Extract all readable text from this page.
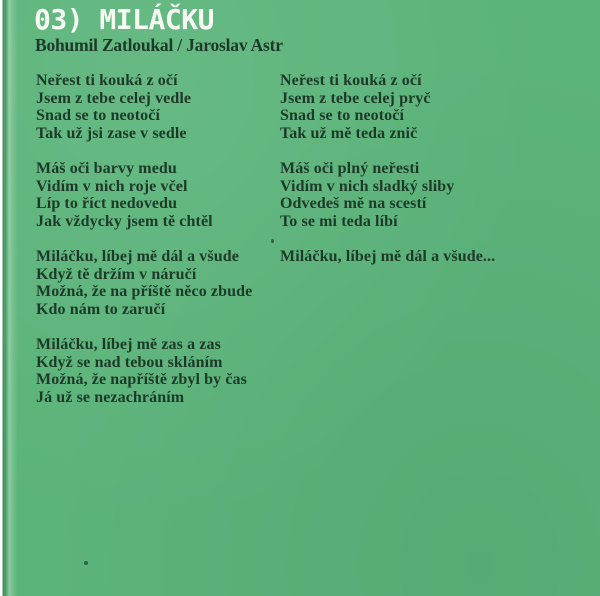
03) MILÁČKU

Bohumil Zatloukal / Jaroslav Astr

Neřest ti kouká z očí
Jsem z tebe celej vedle
Snad se to neotočí
Tak už jsi zase v sedle
Máš oči barvy medu
Vidím v nich roje včel
Líp to říct nedovedu
Jak vždycky jsem tě chtěl
Miláčku, líbej mě dál a všude
Když tě držím v náručí
Možná, že na příště něco zbude
Kdo nám to zaručí
Miláčku, líbej mě zas a zas
Když se nad tebou skláním
Možná, že napříště zbyl by čas
Já už se nezachráním
Neřest ti kouká z očí
Jsem z tebe celej pryč
Snad se to neotočí
Tak už mě teda znič
Máš oči plný neřesti
Vidím v nich sladký sliby
Odvedeš mě na scestí
To se mi teda líbí
Miláčku, líbej mě dál a všude...
